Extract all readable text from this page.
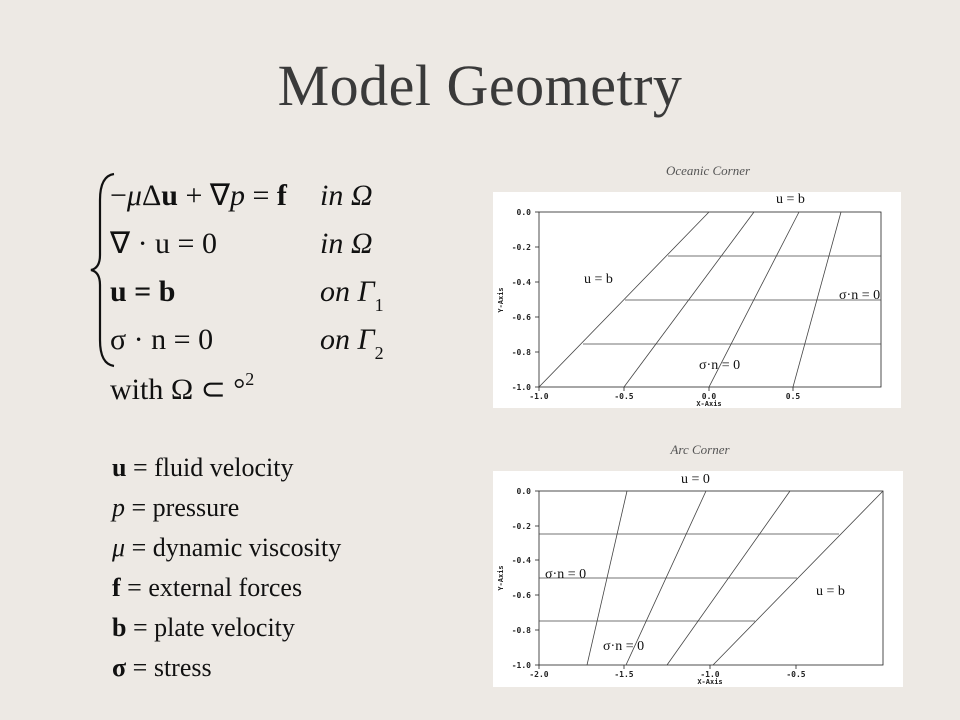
Model Geometry
−μΔu + ∇p = f in Ω
∇ · u = 0	in Ω
u = b	on $\Gamma_1$
σ · n = 0	on $\Gamma_2$
with Ω ⊂ °$^2$
u = fluid velocity
p = pressure
μ = dynamic viscosity
f = external forces
b = plate velocity
σ = stress
Oceanic Corner
0.0
-0.2
-0.4
-0.6
-0.8
-1.0
-1.0	-0.5	0.0	0.5
X-Axis
Y-Axis
u = b
u = b
σ·n = 0
σ·n = 0
Arc Corner
0.0
-0.2
-0.4
-0.6
-0.8
-1.0
-2.0	-1.5	-1.0	-0.5
X-Axis
Y-Axis
u = 0
σ·n = 0
u = b
σ·n = 0
